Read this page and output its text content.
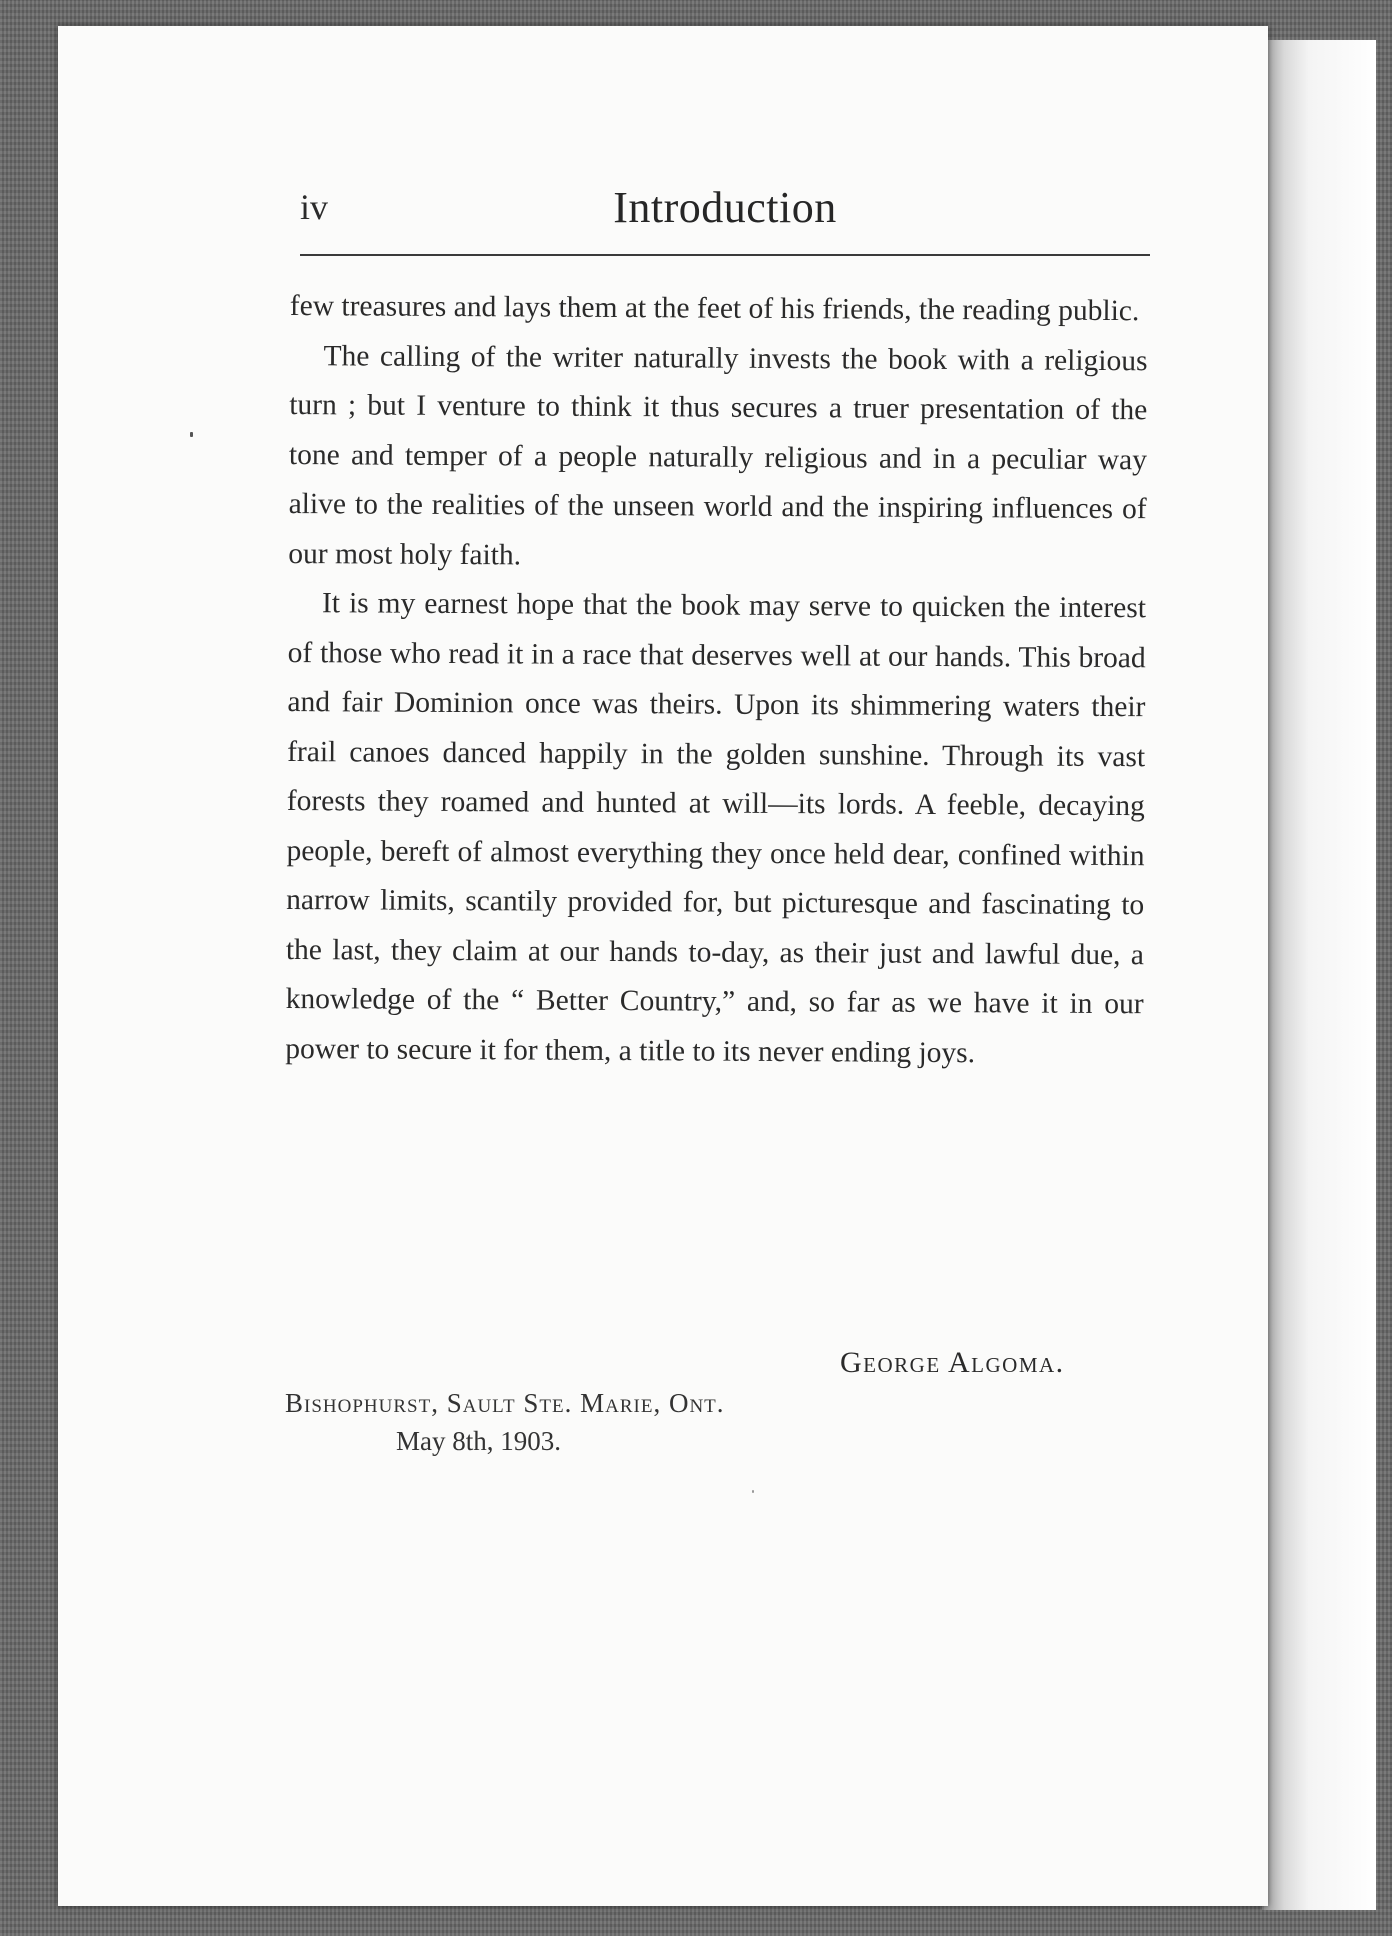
iv	Introduction

few treasures and lays them at the feet of his friends, the reading public.

The calling of the writer naturally invests the book with a religious turn ; but I venture to think it thus secures a truer presentation of the tone and temper of a people naturally religious and in a peculiar way alive to the realities of the unseen world and the inspiring influences of our most holy faith.

It is my earnest hope that the book may serve to quicken the interest of those who read it in a race that deserves well at our hands. This broad and fair Dominion once was theirs. Upon its shimmering waters their frail canoes danced happily in the golden sunshine. Through its vast forests they roamed and hunted at will—its lords. A feeble, decaying people, bereft of almost everything they once held dear, confined within narrow limits, scantily provided for, but picturesque and fascinating to the last, they claim at our hands to-day, as their just and lawful due, a knowledge of the “ Better Country,” and, so far as we have it in our power to secure it for them, a title to its never ending joys.

George Algoma.
Bishophurst, Sault Ste. Marie, Ont.
May 8th, 1903.
